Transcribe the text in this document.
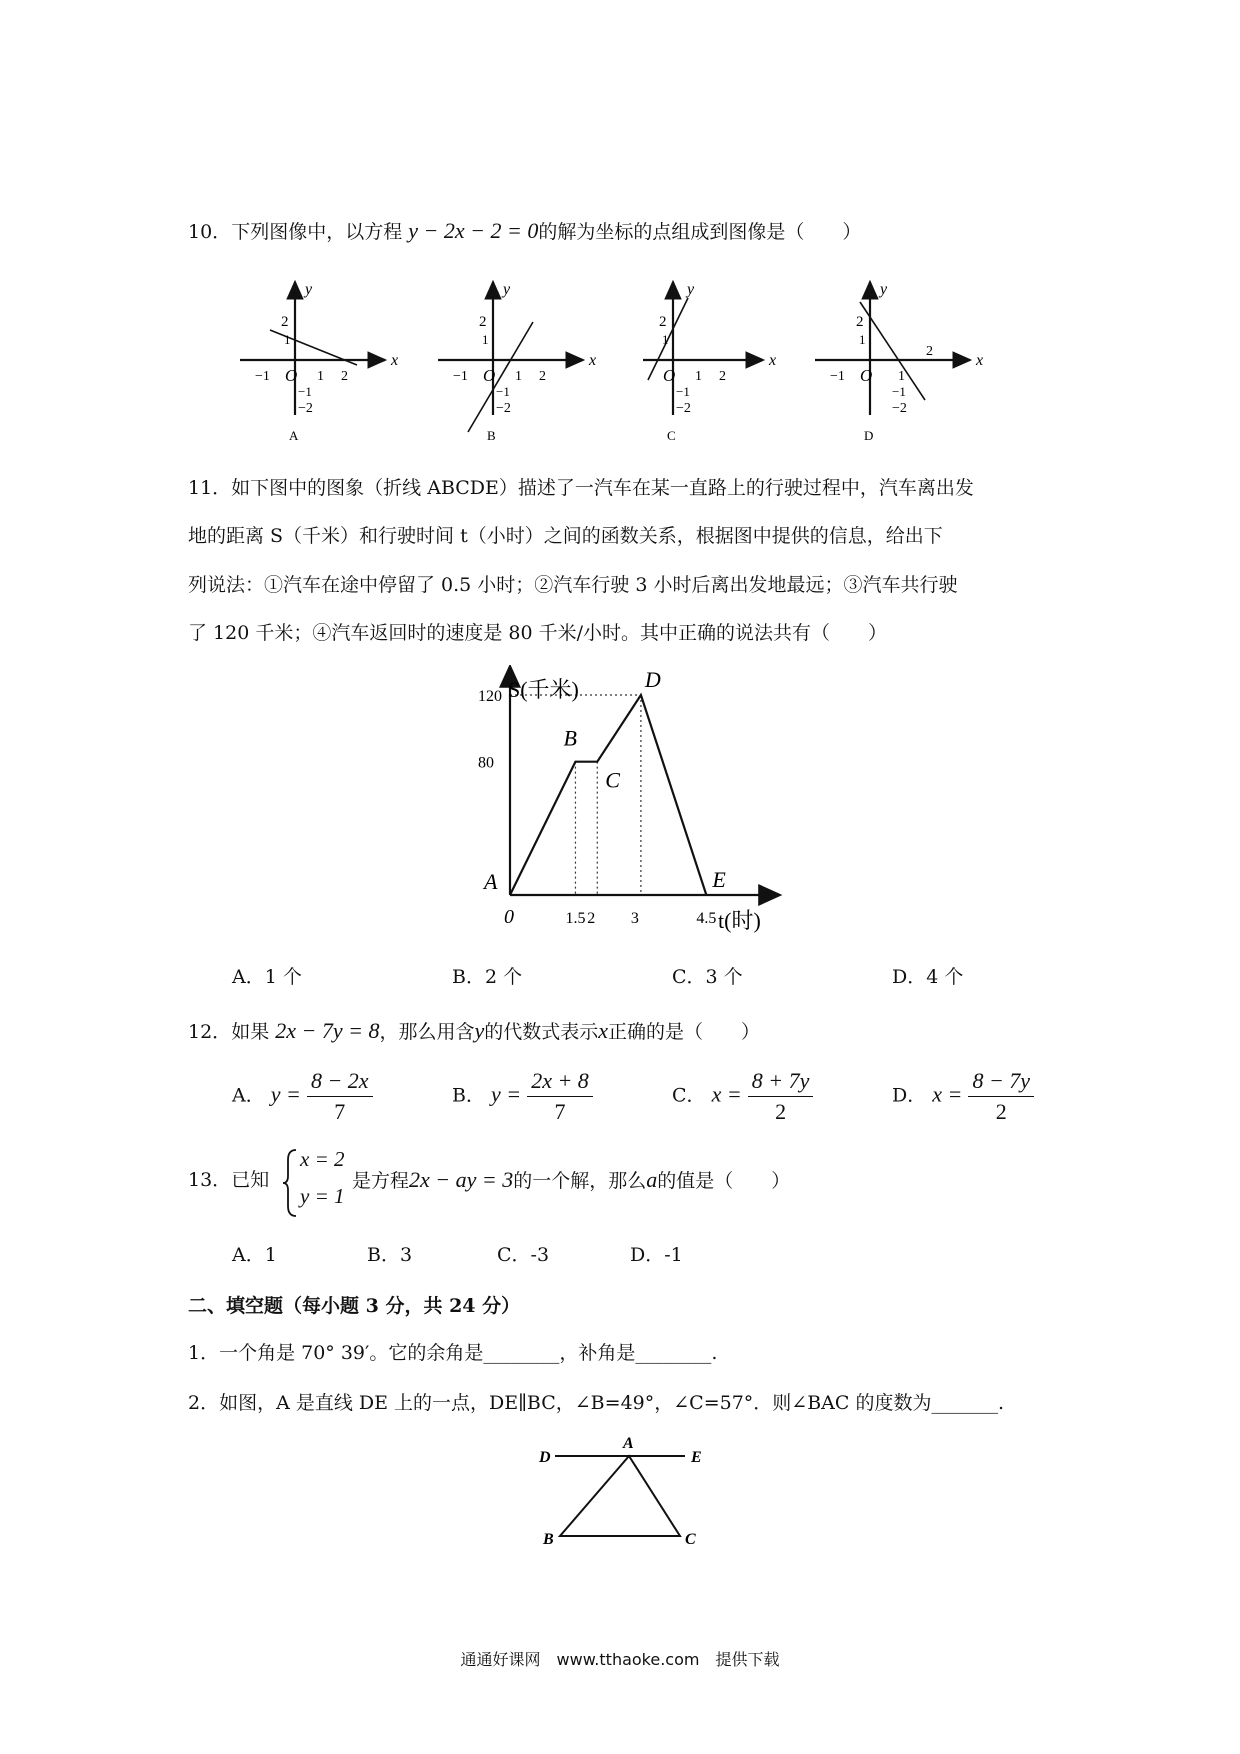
10．下列图像中，以方程 y − 2x − 2 = 0的解为坐标的点组成到图像是（　　）
y
x
−1 O 1 2
2
1
−1
−2
A
y
x
−1 O 1 2
2
1
−1
−2
B
y
x
O 1 2
2
1
−1
−2
C
y
x
−1 O 1
2
2
1
−1
−2
D
11．如下图中的图象（折线 ABCDE）描述了一汽车在某一直路上的行驶过程中，汽车离出发
地的距离 S（千米）和行驶时间 t（小时）之间的函数关系，根据图中提供的信息，给出下
列说法：①汽车在途中停留了 0.5 小时；②汽车行驶 3 小时后离出发地最远；③汽车共行驶
了 120 千米；④汽车返回时的速度是 80 千米/小时。其中正确的说法共有（　　）
A
B
C
D
E
0	1.5 2 3	4.5
80
120 S(千米)
t(时)
A．1 个	B．2 个	C．3 个	D．4 个
12．如果 2x − 7y = 8，那么用含y的代数式表示x正确的是（　　）
A． $y = \frac{8 - 2x}{7}$	B． $y = \frac{2x + 8}{7}$	C． $x = \frac{8 + 7y}{2}$	D． $x = \frac{8 - 7y}{2}$
13．已知
x = 2
y = 1
是方程2x − ay = 3的一个解，那么a的值是（　　）
A．1	B．3	C．-3	D．-1
二、填空题（每小题 3 分，共 24 分）
1．一个角是 70° 39′。它的余角是________，补角是________.
2．如图，A 是直线 DE 上的一点，DE∥BC，∠B=49°，∠C=57°．则∠BAC 的度数为_______.
D
A
E
B	C
通通好课网　www.tthaoke.com　提供下载
